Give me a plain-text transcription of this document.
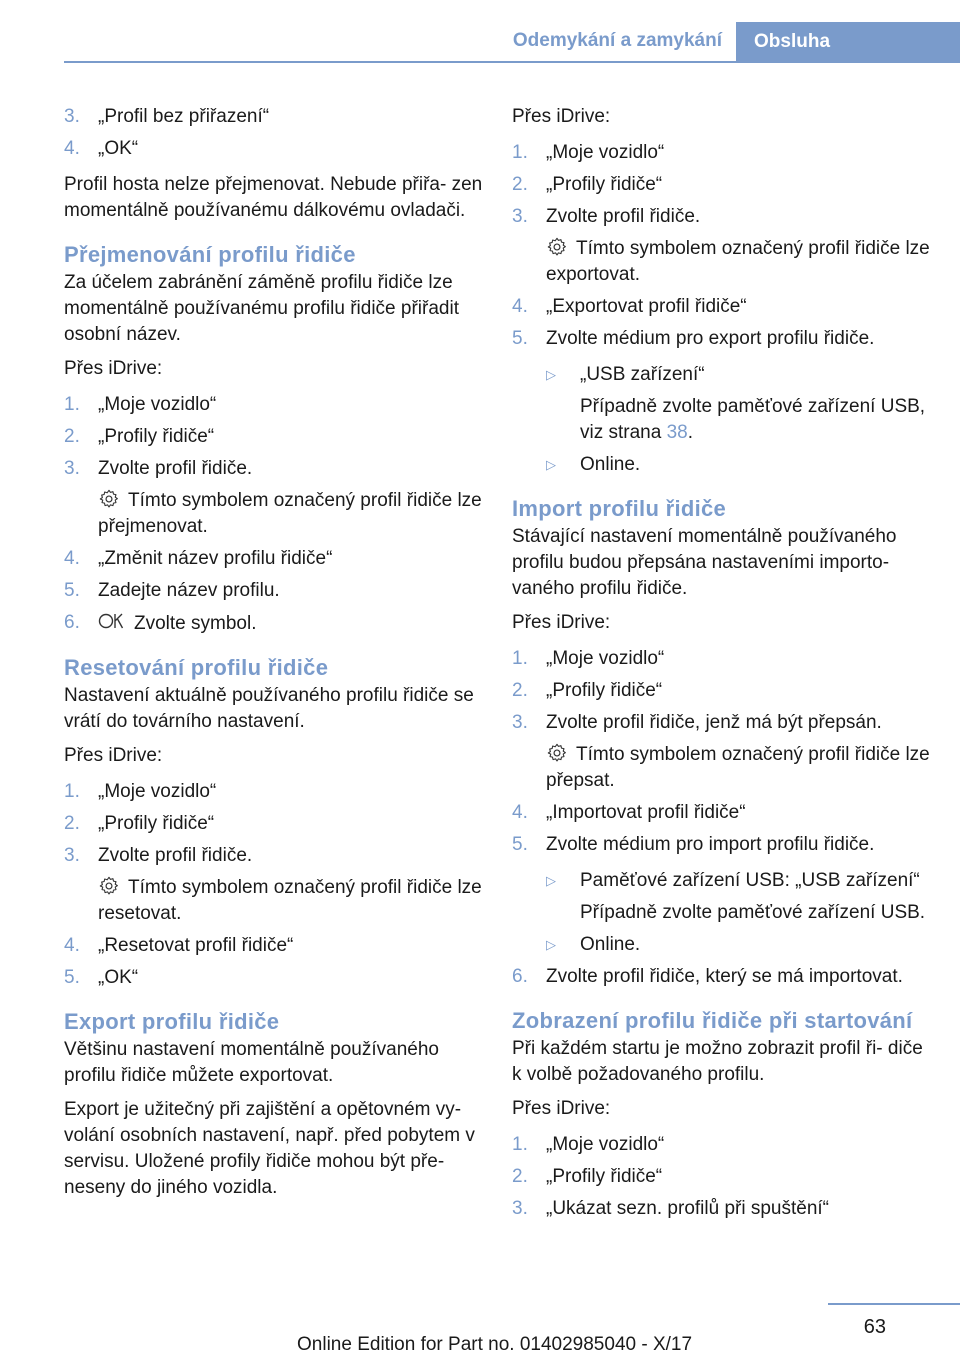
Odemykání a zamykání	Obsluha
3. „Profil bez přiřazení“
4. „OK“

Profil hosta nelze přejmenovat. Nebude přiřa- zen momentálně používanému dálkovému ovladači.

Přejmenování profilu řidiče

Za účelem zabránění záměně profilu řidiče lze momentálně používanému profilu řidiče přiřadit osobní název.

Přes iDrive:

1. „Moje vozidlo“
2. „Profily řidiče“
3. Zvolte profil řidiče.
Tímto symbolem označený profil řidiče lze přejmenovat.
4. „Změnit název profilu řidiče“
5. Zadejte název profilu.
6.	Zvolte symbol.
Resetování profilu řidiče

Nastavení aktuálně používaného profilu řidiče se vrátí do továrního nastavení.

Přes iDrive:

1. „Moje vozidlo“
2. „Profily řidiče“
3. Zvolte profil řidiče.
Tímto symbolem označený profil řidiče lze resetovat.
4. „Resetovat profil řidiče“
5. „OK“
Export profilu řidiče

Většinu nastavení momentálně používaného profilu řidiče můžete exportovat.

Export je užitečný při zajištění a opětovném vy- volání osobních nastavení, např. před pobytem v servisu. Uložené profily řidiče mohou být pře- neseny do jiného vozidla.

Přes iDrive:

1. „Moje vozidlo“
2. „Profily řidiče“
3. Zvolte profil řidiče.
Tímto symbolem označený profil řidiče lze exportovat.
4. „Exportovat profil řidiče“
5. Zvolte médium pro export profilu řidiče.
▷ „USB zařízení“
Případně zvolte paměťové zařízení USB, viz strana 38.
▷ Online.
Import profilu řidiče

Stávající nastavení momentálně používaného profilu budou přepsána nastaveními importo- vaného profilu řidiče.

Přes iDrive:

1. „Moje vozidlo“
2. „Profily řidiče“
3. Zvolte profil řidiče, jenž má být přepsán.
Tímto symbolem označený profil řidiče lze přepsat.
4. „Importovat profil řidiče“
5. Zvolte médium pro import profilu řidiče.
▷ Paměťové zařízení USB: „USB zařízení“
Případně zvolte paměťové zařízení USB.
▷ Online.
6. Zvolte profil řidiče, který se má importovat.
Zobrazení profilu řidiče při startování

Při každém startu je možno zobrazit profil ři- diče k volbě požadovaného profilu.

Přes iDrive:

1. „Moje vozidlo“
2. „Profily řidiče“
3. „Ukázat sezn. profilů při spuštění“
63
Online Edition for Part no. 01402985040 - X/17
